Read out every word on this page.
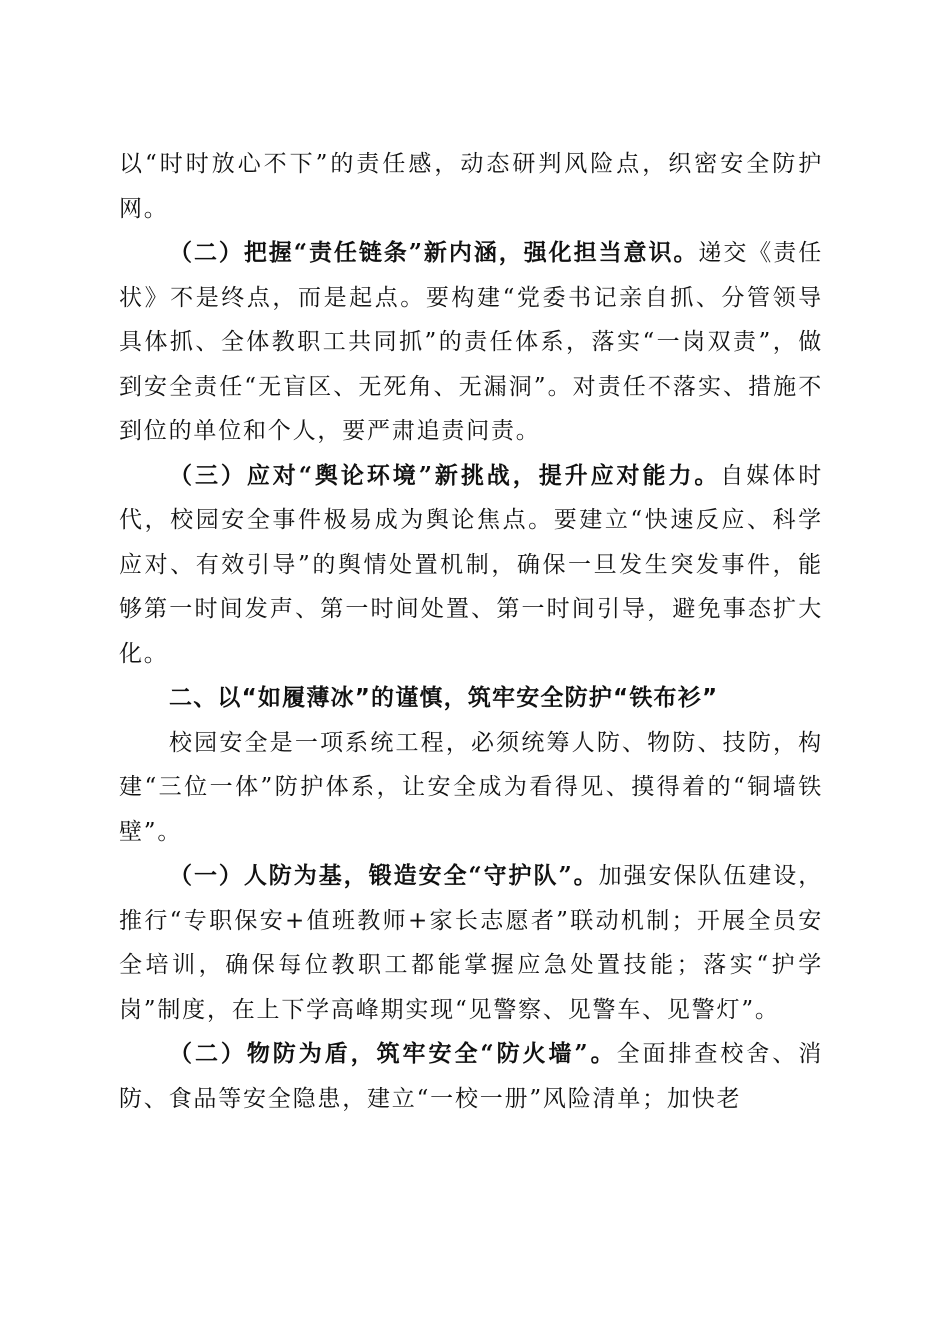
以“时时放心不下”的责任感，动态研判风险点，织密安全防护网。

（二）把握“责任链条”新内涵，强化担当意识。递交《责任状》不是终点，而是起点。要构建“党委书记亲自抓、分管领导具体抓、全体教职工共同抓”的责任体系，落实“一岗双责”，做到安全责任“无盲区、无死角、无漏洞”。对责任不落实、措施不到位的单位和个人，要严肃追责问责。

（三）应对“舆论环境”新挑战，提升应对能力。自媒体时代，校园安全事件极易成为舆论焦点。要建立“快速反应、科学应对、有效引导”的舆情处置机制，确保一旦发生突发事件，能够第一时间发声、第一时间处置、第一时间引导，避免事态扩大化。

二、以“如履薄冰”的谨慎，筑牢安全防护“铁布衫”

校园安全是一项系统工程，必须统筹人防、物防、技防，构建“三位一体”防护体系，让安全成为看得见、摸得着的“铜墙铁壁”。

（一）人防为基，锻造安全“守护队”。加强安保队伍建设，推行“专职保安+值班教师+家长志愿者”联动机制；开展全员安全培训，确保每位教职工都能掌握应急处置技能；落实“护学岗”制度，在上下学高峰期实现“见警察、见警车、见警灯”。

（二）物防为盾，筑牢安全“防火墙”。全面排查校舍、消防、食品等安全隐患，建立“一校一册”风险清单；加快老
